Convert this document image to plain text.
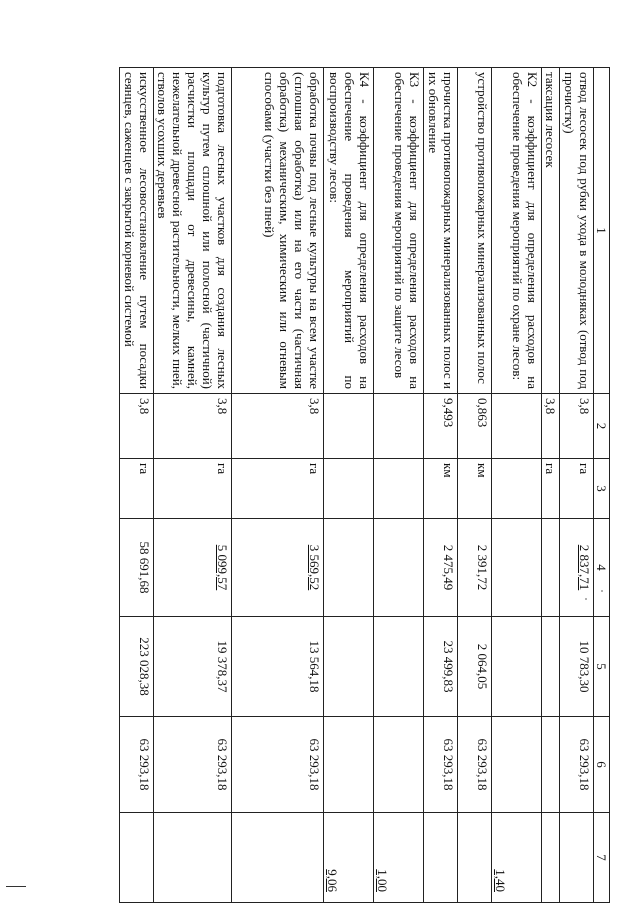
1	2	3	4	5	6	7
отвод лесосек под рубки ухода в молодняках (отвод под прочистку)	3,8	га	2 837,71	10 783,30	63 293,18	
таксация лесосек	3,8	га				
К2 - коэффициент для определения расходов на обеспечение проведения мероприятий по охране лесов:						1,40
устройство противопожарных минерализованных полос	0,863	км	2 391,72	2 064,05	63 293,18	
прочистка противопожарных минерализованных полос и их обновление	9,493	км	2 475,49	23 499,83	63 293,18	
К3 - коэффициент для определения расходов на обеспечение проведения мероприятий по защите лесов						1,00
К4 - коэффициент для определения расходов на обеспечение проведения мероприятий по воспроизводству лесов:						9,06
обработка почвы под лесные культуры на всем участке (сплошная обработка) или на его части (частичная обработка) механическим, химическим или огневым способами (участки без пней)	3,8	га	3 569,52	13 564,18	63 293,18	
подготовка лесных участков для создания лесных культур путем сплошной или полосной (частичной) расчистки площади от древесины, камней, нежелательной древесной растительности, мелких пней, стволов усохших деревьев	3,8	га	5 099,57	19 378,37	63 293,18	
искусственное лесовосстановление путем посадки сеянцев, саженцев с закрытой корневой системой	3,8	га	58 691,68	223 028,38	63 293,18	
